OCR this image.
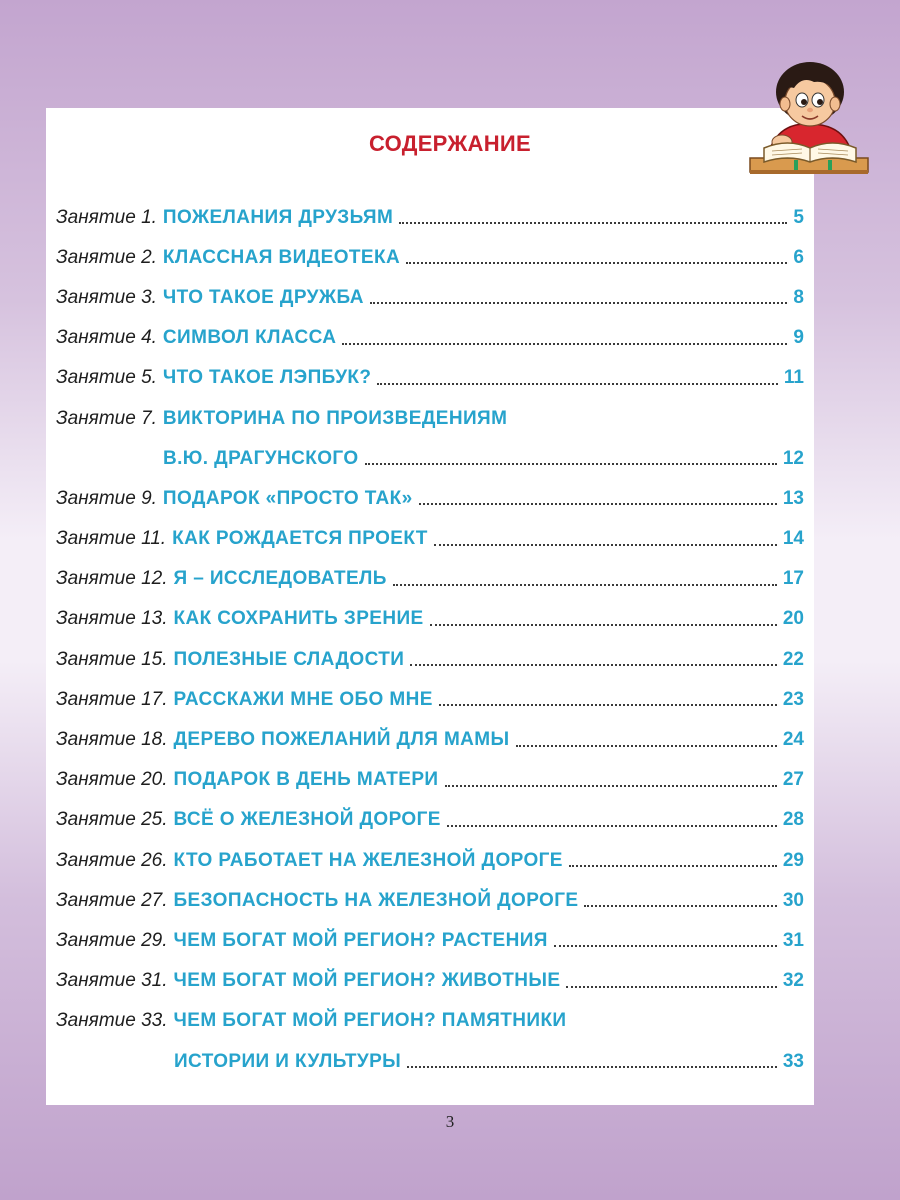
СОДЕРЖАНИЕ
Занятие 1. ПОЖЕЛАНИЯ ДРУЗЬЯМ	5
Занятие 2. КЛАССНАЯ ВИДЕОТЕКА	6
Занятие 3. ЧТО ТАКОЕ ДРУЖБА	8
Занятие 4. СИМВОЛ КЛАССА	9
Занятие 5. ЧТО ТАКОЕ ЛЭПБУК?	11
Занятие 7. ВИКТОРИНА ПО ПРОИЗВЕДЕНИЯМ
В.Ю. ДРАГУНСКОГО	12
Занятие 9. ПОДАРОК «ПРОСТО ТАК»	13
Занятие 11. КАК РОЖДАЕТСЯ ПРОЕКТ	14
Занятие 12. Я – ИССЛЕДОВАТЕЛЬ	17
Занятие 13. КАК СОХРАНИТЬ ЗРЕНИЕ	20
Занятие 15. ПОЛЕЗНЫЕ СЛАДОСТИ	22
Занятие 17. РАССКАЖИ МНЕ ОБО МНЕ	23
Занятие 18. ДЕРЕВО ПОЖЕЛАНИЙ ДЛЯ МАМЫ	24
Занятие 20. ПОДАРОК В ДЕНЬ МАТЕРИ	27
Занятие 25. ВСЁ О ЖЕЛЕЗНОЙ ДОРОГЕ	28
Занятие 26. КТО РАБОТАЕТ НА ЖЕЛЕЗНОЙ ДОРОГЕ	29
Занятие 27. БЕЗОПАСНОСТЬ НА ЖЕЛЕЗНОЙ ДОРОГЕ	30
Занятие 29. ЧЕМ БОГАТ МОЙ РЕГИОН? РАСТЕНИЯ	31
Занятие 31. ЧЕМ БОГАТ МОЙ РЕГИОН? ЖИВОТНЫЕ	32
Занятие 33. ЧЕМ БОГАТ МОЙ РЕГИОН? ПАМЯТНИКИ
ИСТОРИИ И КУЛЬТУРЫ	33
3
